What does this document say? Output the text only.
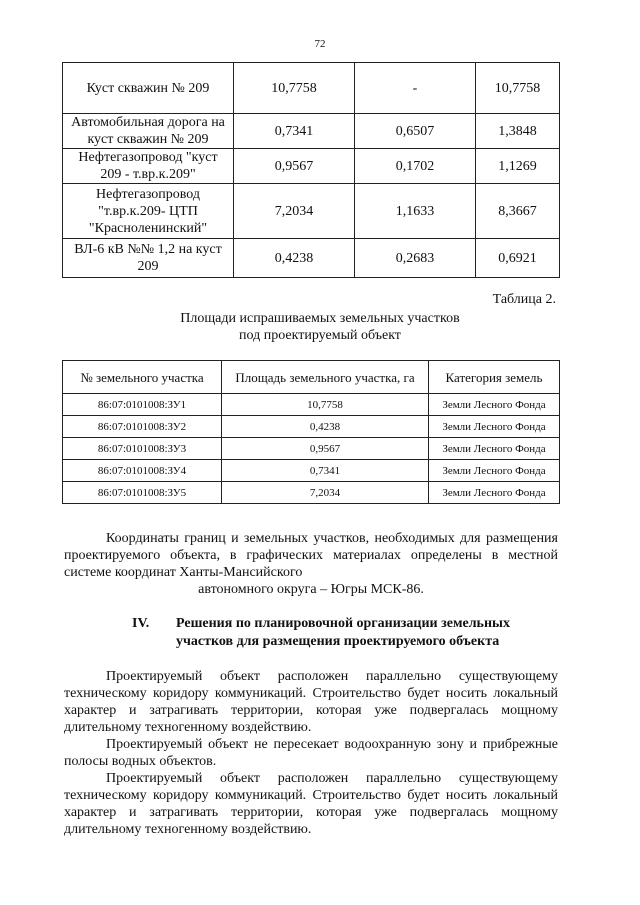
72
Куст скважин № 209	10,7758	-	10,7758
Автомобильная дорога на куст скважин № 209	0,7341	0,6507	1,3848
Нефтегазопровод "куст 209 - т.вр.к.209"	0,9567	0,1702	1,1269
Нефтегазопровод "т.вр.к.209- ЦТП "Красноленинский"	7,2034	1,1633	8,3667
ВЛ-6 кВ №№ 1,2 на куст 209	0,4238	0,2683	0,6921
Таблица 2.
Площади испрашиваемых земельных участков
под проектируемый объект
№ земельного участка	Площадь земельного участка, га	Категория земель
86:07:0101008:ЗУ1	10,7758	Земли Лесного Фонда
86:07:0101008:ЗУ2	0,4238	Земли Лесного Фонда
86:07:0101008:ЗУ3	0,9567	Земли Лесного Фонда
86:07:0101008:ЗУ4	0,7341	Земли Лесного Фонда
86:07:0101008:ЗУ5	7,2034	Земли Лесного Фонда
Координаты границ и земельных участков, необходимых для размещения проектируемого объекта, в графических материалах определены в местной системе координат Ханты-Мансийского
автономного округа – Югры МСК-86.
IV. Решения по планировочной организации земельных
участков для размещения проектируемого объекта
Проектируемый объект расположен параллельно существующему техническому коридору коммуникаций. Строительство будет носить локальный характер и затрагивать территории, которая уже подвергалась мощному длительному техногенному воздействию.
Проектируемый объект не пересекает водоохранную зону и прибрежные полосы водных объектов.
Проектируемый объект расположен параллельно существующему техническому коридору коммуникаций. Строительство будет носить локальный характер и затрагивать территории, которая уже подвергалась мощному длительному техногенному воздействию.
